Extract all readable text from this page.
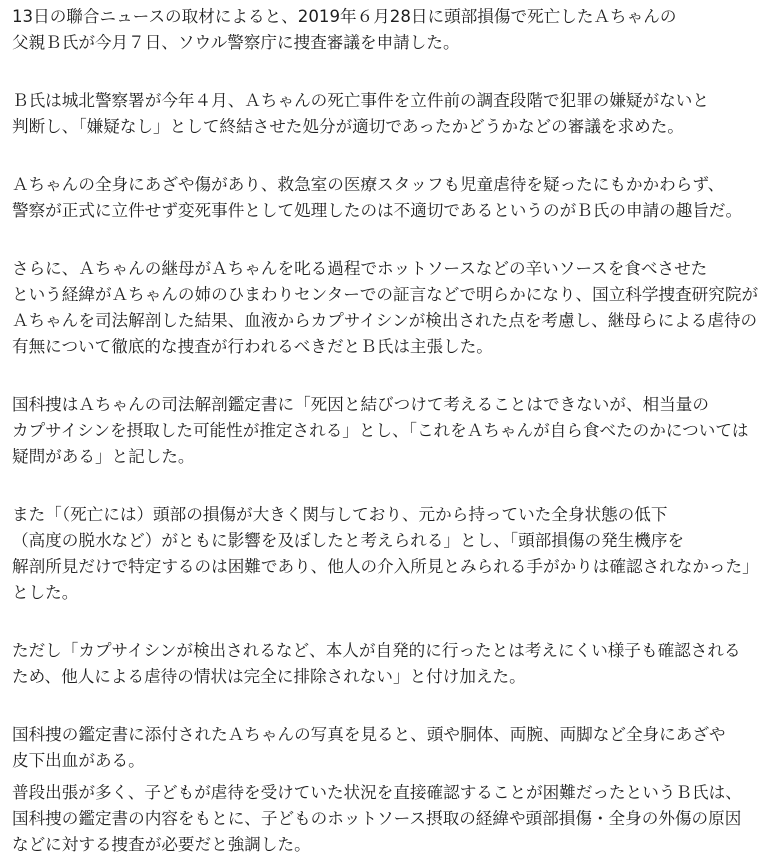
13日の聯合ニュースの取材によると、2019年６月28日に頭部損傷で死亡したＡちゃんの
父親Ｂ氏が今月７日、ソウル警察庁に捜査審議を申請した。

Ｂ氏は城北警察署が今年４月、Ａちゃんの死亡事件を立件前の調査段階で犯罪の嫌疑がないと
判断し、「嫌疑なし」として終結させた処分が適切であったかどうかなどの審議を求めた。

Ａちゃんの全身にあざや傷があり、救急室の医療スタッフも児童虐待を疑ったにもかかわらず、
警察が正式に立件せず変死事件として処理したのは不適切であるというのがＢ氏の申請の趣旨だ。

さらに、Ａちゃんの継母がＡちゃんを叱る過程でホットソースなどの辛いソースを食べさせた
という経緯がＡちゃんの姉のひまわりセンターでの証言などで明らかになり、国立科学捜査研究院が
Ａちゃんを司法解剖した結果、血液からカプサイシンが検出された点を考慮し、継母らによる虐待の
有無について徹底的な捜査が行われるべきだとＢ氏は主張した。

国科捜はＡちゃんの司法解剖鑑定書に「死因と結びつけて考えることはできないが、相当量の
カプサイシンを摂取した可能性が推定される」とし、「これをＡちゃんが自ら食べたのかについては
疑問がある」と記した。

また「（死亡には）頭部の損傷が大きく関与しており、元から持っていた全身状態の低下
（高度の脱水など）がともに影響を及ぼしたと考えられる」とし、「頭部損傷の発生機序を
解剖所見だけで特定するのは困難であり、他人の介入所見とみられる手がかりは確認されなかった」
とした。

ただし「カプサイシンが検出されるなど、本人が自発的に行ったとは考えにくい様子も確認される
ため、他人による虐待の情状は完全に排除されない」と付け加えた。

国科捜の鑑定書に添付されたＡちゃんの写真を見ると、頭や胴体、両腕、両脚など全身にあざや
皮下出血がある。

普段出張が多く、子どもが虐待を受けていた状況を直接確認することが困難だったというＢ氏は、
国科捜の鑑定書の内容をもとに、子どものホットソース摂取の経緯や頭部損傷・全身の外傷の原因
などに対する捜査が必要だと強調した。
